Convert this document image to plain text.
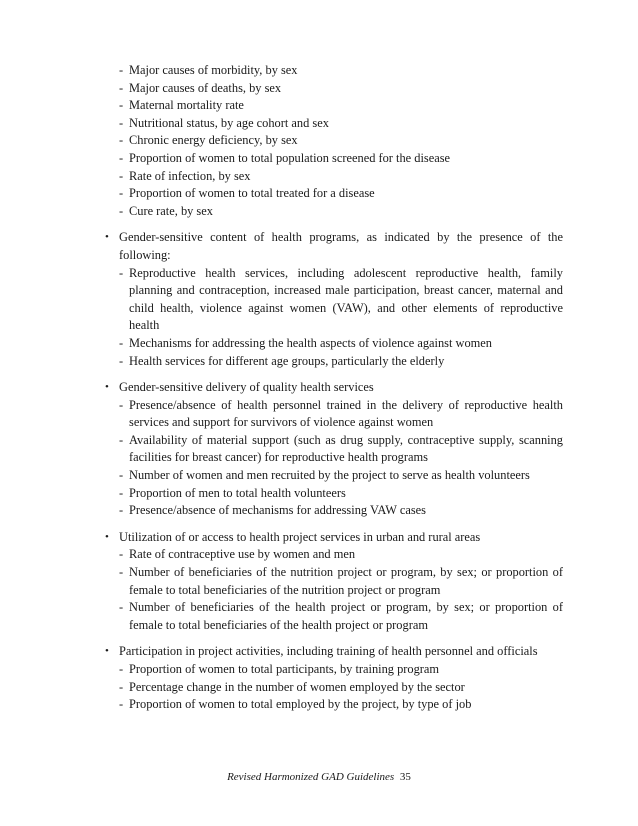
- Major causes of morbidity, by sex
- Major causes of deaths, by sex
- Maternal mortality rate
- Nutritional status, by age cohort and sex
- Chronic energy deficiency, by sex
- Proportion of women to total population screened for the disease
- Rate of infection, by sex
- Proportion of women to total treated for a disease
- Cure rate, by sex
• Gender-sensitive content of health programs, as indicated by the presence of the following:
- Reproductive health services, including adolescent reproductive health, family planning and contraception, increased male participation, breast cancer, maternal and child health, violence against women (VAW), and other elements of reproductive health
- Mechanisms for addressing the health aspects of violence against women
- Health services for different age groups, particularly the elderly
• Gender-sensitive delivery of quality health services
- Presence/absence of health personnel trained in the delivery of reproductive health services and support for survivors of violence against women
- Availability of material support (such as drug supply, contraceptive supply, scanning facilities for breast cancer) for reproductive health programs
- Number of women and men recruited by the project to serve as health volunteers
- Proportion of men to total health volunteers
- Presence/absence of mechanisms for addressing VAW cases
• Utilization of or access to health project services in urban and rural areas
- Rate of contraceptive use by women and men
- Number of beneficiaries of the nutrition project or program, by sex; or proportion of female to total beneficiaries of the nutrition project or program
- Number of beneficiaries of the health project or program, by sex; or proportion of female to total beneficiaries of the health project or program
• Participation in project activities, including training of health personnel and officials
- Proportion of women to total participants, by training program
- Percentage change in the number of women employed by the sector
- Proportion of women to total employed by the project, by type of job
Revised Harmonized GAD Guidelines 35
